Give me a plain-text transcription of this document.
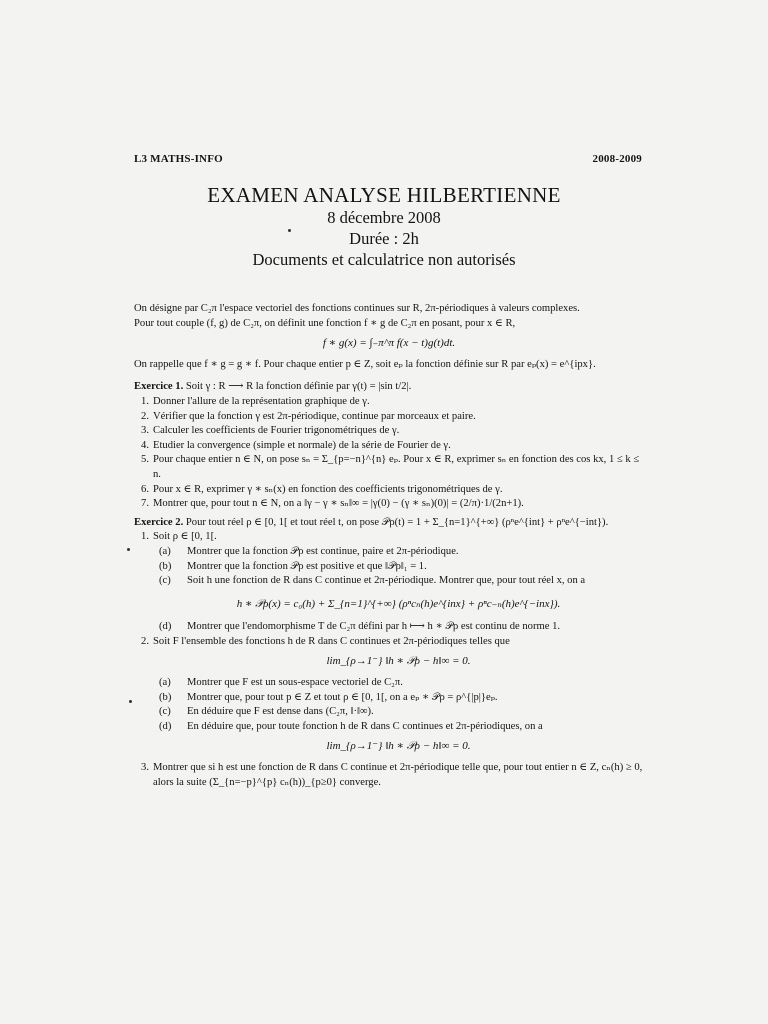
L3 MATHS-INFO	2008-2009
EXAMEN ANALYSE HILBERTIENNE
8 décembre 2008
Durée : 2h
Documents et calculatrice non autorisés

On désigne par C₂π l'espace vectoriel des fonctions continues sur R, 2π-périodiques à valeurs complexes.

Pour tout couple (f, g) de C₂π, on définit une fonction f ∗ g de C₂π en posant, pour x ∈ R,

f ∗ g(x) = ∫₋π^π f(x − t)g(t)dt.

On rappelle que f ∗ g = g ∗ f. Pour chaque entier p ∈ Z, soit eₚ la fonction définie sur R par eₚ(x) = e^{ipx}.

Exercice 1. Soit γ : R ⟶ R la fonction définie par γ(t) = |sin t/2|.

1. Donner l'allure de la représentation graphique de γ.
2. Vérifier que la fonction γ est 2π-périodique, continue par morceaux et paire.
3. Calculer les coefficients de Fourier trigonométriques de γ.
4. Etudier la convergence (simple et normale) de la série de Fourier de γ.
5. Pour chaque entier n ∈ N, on pose sₙ = Σ_{p=−n}^{n} eₚ. Pour x ∈ R, exprimer sₙ en fonction des cos kx, 1 ≤ k ≤ n.
6. Pour x ∈ R, exprimer γ ∗ sₙ(x) en fonction des coefficients trigonométriques de γ.
7. Montrer que, pour tout n ∈ N, on a ‖γ − γ ∗ sₙ‖∞ = |γ(0) − (γ ∗ sₙ)(0)| = (2/π)·1/(2n+1).

Exercice 2. Pour tout réel ρ ∈ [0, 1[ et tout réel t, on pose 𝒫ρ(t) = 1 + Σ_{n=1}^{+∞} (ρⁿe^{int} + ρⁿe^{−int}).

1. Soit ρ ∈ [0, 1[.
(a)	Montrer que la fonction 𝒫ρ est continue, paire et 2π-périodique.
(b)	Montrer que la fonction 𝒫ρ est positive et que ‖𝒫ρ‖₁ = 1.
(c)	Soit h une fonction de R dans C continue et 2π-périodique. Montrer que, pour tout réel x, on a
h ∗ 𝒫ρ(x) = c₀(h) + Σ_{n=1}^{+∞} (ρⁿcₙ(h)e^{inx} + ρⁿc₋ₙ(h)e^{−inx}).
(d)	Montrer que l'endomorphisme T de C₂π défini par h ⟼ h ∗ 𝒫ρ est continu de norme 1.
2. Soit F l'ensemble des fonctions h de R dans C continues et 2π-périodiques telles que
lim_{ρ→1⁻} ‖h ∗ 𝒫ρ − h‖∞ = 0.
(a)	Montrer que F est un sous-espace vectoriel de C₂π.
(b)	Montrer que, pour tout p ∈ Z et tout ρ ∈ [0, 1[, on a eₚ ∗ 𝒫ρ = ρ^{|p|}eₚ.
(c)	En déduire que F est dense dans (C₂π, ‖·‖∞).
(d)	En déduire que, pour toute fonction h de R dans C continues et 2π-périodiques, on a
lim_{ρ→1⁻} ‖h ∗ 𝒫ρ − h‖∞ = 0.
3. Montrer que si h est une fonction de R dans C continue et 2π-périodique telle que, pour tout entier n ∈ Z, cₙ(h) ≥ 0, alors la suite (Σ_{n=−p}^{p} cₙ(h))_{p≥0} converge.
